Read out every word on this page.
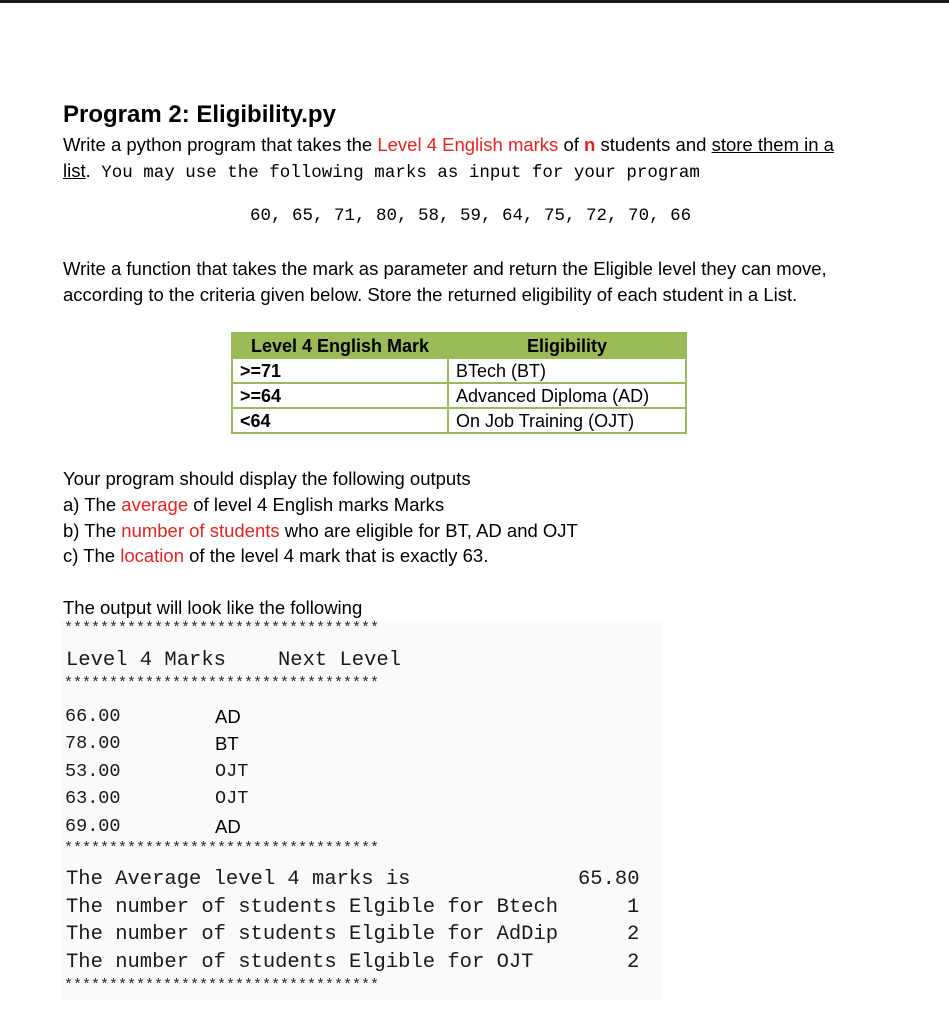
Program 2: Eligibility.py
Write a python program that takes the Level 4 English marks of n students and store them in a
list. You may use the following marks as input for your program
60, 65, 71, 80, 58, 59, 64, 75, 72, 70, 66
Write a function that takes the mark as parameter and return the Eligible level they can move,
according to the criteria given below. Store the returned eligibility of each student in a List.
Level 4 English Mark	Eligibility
>=71	BTech (BT)
>=64	Advanced Diploma (AD)
<64	On Job Training (OJT)
Your program should display the following outputs
a) The average of level 4 English marks Marks
b) The number of students who are eligible for BT, AD and OJT
c) The location of the level 4 mark that is exactly 63.
The output will look like the following
***********************************
Level 4 Marks	Next Level
***********************************
66.00	AD
78.00	BT
53.00	OJT
63.00	OJT
69.00	AD
***********************************
The Average level 4 marks is	65.80
The number of students Elgible for Btech	1
The number of students Elgible for AdDip	2
The number of students Elgible for OJT	2
***********************************
